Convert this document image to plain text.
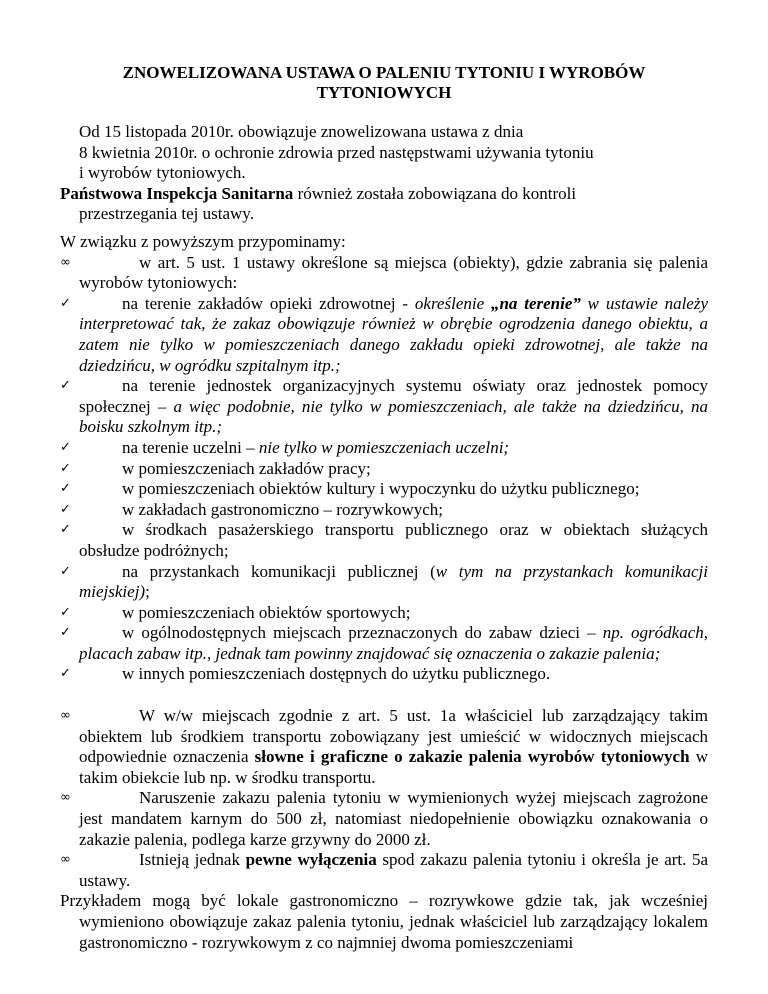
ZNOWELIZOWANA USTAWA O PALENIU TYTONIU I WYROBÓW TYTONIOWYCH

Od 15 listopada 2010r. obowiązuje znowelizowana ustawa z dnia

8 kwietnia 2010r. o ochronie zdrowia przed następstwami używania tytoniu

i wyrobów tytoniowych.

Państwowa Inspekcja Sanitarna również została zobowiązana do kontroli
przestrzegania tej ustawy.

W związku z powyższym przypominamy:

∞	w art. 5 ust. 1 ustawy określone są miejsca (obiekty), gdzie zabrania się palenia wyrobów tytoniowych:
✓	na terenie zakładów opieki zdrowotnej - określenie „na terenie” w ustawie należy interpretować tak, że zakaz obowiązuje również w obrębie ogrodzenia danego obiektu, a zatem nie tylko w pomieszczeniach danego zakładu opieki zdrowotnej, ale także na dziedzińcu, w ogródku szpitalnym itp.;
✓	na terenie jednostek organizacyjnych systemu oświaty oraz jednostek pomocy społecznej – a więc podobnie, nie tylko w pomieszczeniach, ale także na dziedzińcu, na boisku szkolnym itp.;
✓	na terenie uczelni – nie tylko w pomieszczeniach uczelni;
✓	w pomieszczeniach zakładów pracy;
✓	w pomieszczeniach obiektów kultury i wypoczynku do użytku publicznego;
✓	w zakładach gastronomiczno – rozrywkowych;
✓	w środkach pasażerskiego transportu publicznego oraz w obiektach służących obsłudze podróżnych;
✓	na przystankach komunikacji publicznej (w tym na przystankach komunikacji miejskiej);
✓	w pomieszczeniach obiektów sportowych;
✓	w ogólnodostępnych miejscach przeznaczonych do zabaw dzieci – np. ogródkach, placach zabaw itp., jednak tam powinny znajdować się oznaczenia o zakazie palenia;
✓	w innych pomieszczeniach dostępnych do użytku publicznego.
∞	W w/w miejscach zgodnie z art. 5 ust. 1a właściciel lub zarządzający takim obiektem lub środkiem transportu zobowiązany jest umieścić w widocznych miejscach odpowiednie oznaczenia słowne i graficzne o zakazie palenia wyrobów tytoniowych w takim obiekcie lub np. w środku transportu.
∞	Naruszenie zakazu palenia tytoniu w wymienionych wyżej miejscach zagrożone jest mandatem karnym do 500 zł, natomiast niedopełnienie obowiązku oznakowania o zakazie palenia, podlega karze grzywny do 2000 zł.
∞	Istnieją jednak pewne wyłączenia spod zakazu palenia tytoniu i określa je art. 5a ustawy.

Przykładem mogą być lokale gastronomiczno – rozrywkowe gdzie tak, jak wcześniej wymieniono obowiązuje zakaz palenia tytoniu, jednak właściciel lub zarządzający lokalem gastronomiczno - rozrywkowym z co najmniej dwoma pomieszczeniami
